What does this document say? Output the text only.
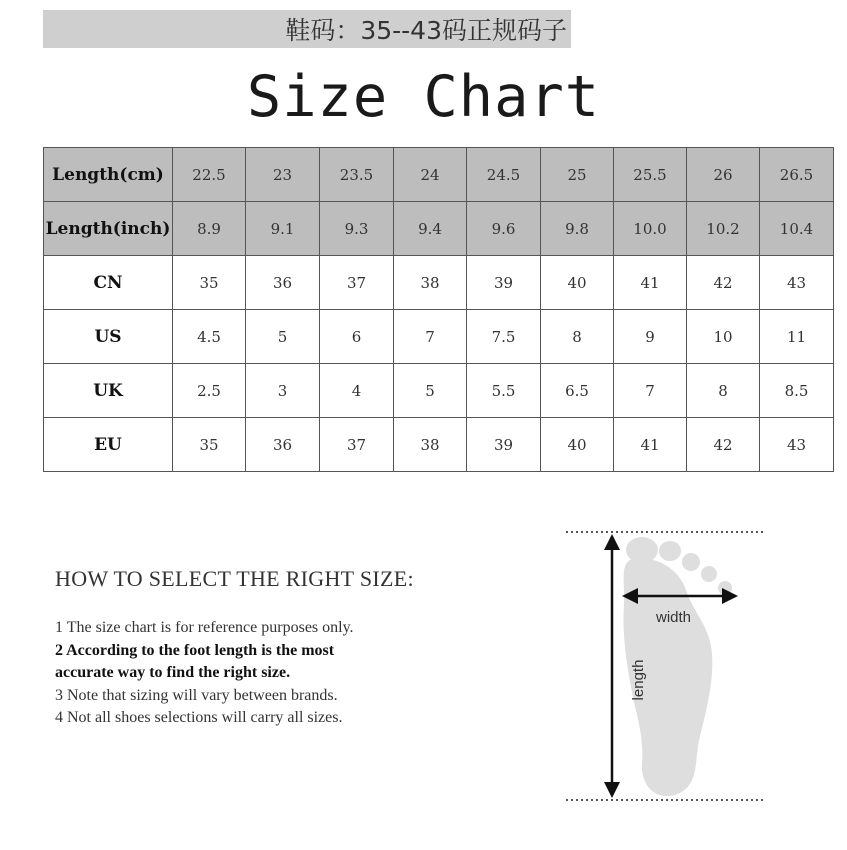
鞋码：35--43码正规码子
Size Chart
Length(cm)	22.5	23	23.5	24	24.5	25	25.5	26	26.5
Length(inch)	8.9	9.1	9.3	9.4	9.6	9.8	10.0	10.2	10.4
CN	35	36	37	38	39	40	41	42	43
US	4.5	5	6	7	7.5	8	9	10	11
UK	2.5	3	4	5	5.5	6.5	7	8	8.5
EU	35	36	37	38	39	40	41	42	43
HOW TO SELECT THE RIGHT SIZE:
1 The size chart is for reference purposes only.
2 According to the foot length is the most
accurate way to find the right size.
3 Note that sizing will vary between brands.
4 Not all shoes selections will carry all sizes.
width
length
